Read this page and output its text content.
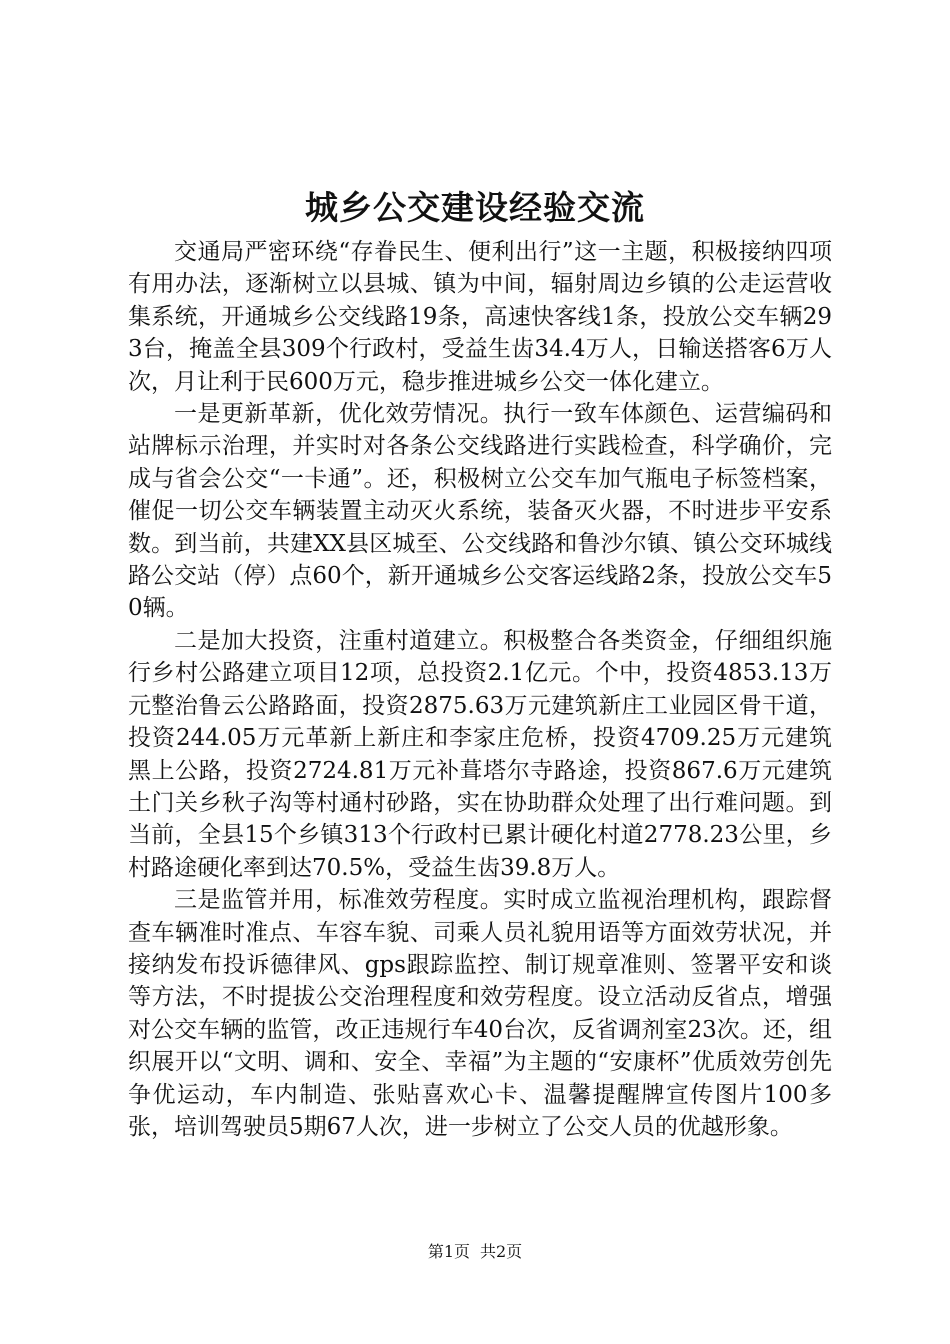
城乡公交建设经验交流

交通局严密环绕“存眷民生、便利出行”这一主题，积极接纳四项有用办法，逐渐树立以县城、镇为中间，辐射周边乡镇的公走运营收集系统，开通城乡公交线路19条，高速快客线1条，投放公交车辆293台，掩盖全县309个行政村，受益生齿34.4万人，日输送搭客6万人次，月让利于民600万元，稳步推进城乡公交一体化建立。

一是更新革新，优化效劳情况。执行一致车体颜色、运营编码和站牌标示治理，并实时对各条公交线路进行实践检查，科学确价，完成与省会公交“一卡通”。还，积极树立公交车加气瓶电子标签档案，催促一切公交车辆装置主动灭火系统，装备灭火器，不时进步平安系数。到当前，共建XX县区城至、公交线路和鲁沙尔镇、镇公交环城线路公交站（停）点60个，新开通城乡公交客运线路2条，投放公交车50辆。

二是加大投资，注重村道建立。积极整合各类资金，仔细组织施行乡村公路建立项目12项，总投资2.1亿元。个中，投资4853.13万元整治鲁云公路路面，投资2875.63万元建筑新庄工业园区骨干道，投资244.05万元革新上新庄和李家庄危桥，投资4709.25万元建筑黑上公路，投资2724.81万元补葺塔尔寺路途，投资867.6万元建筑土门关乡秋子沟等村通村砂路，实在协助群众处理了出行难问题。到当前，全县15个乡镇313个行政村已累计硬化村道2778.23公里，乡村路途硬化率到达70.5%，受益生齿39.8万人。

三是监管并用，标准效劳程度。实时成立监视治理机构，跟踪督查车辆准时准点、车容车貌、司乘人员礼貌用语等方面效劳状况，并接纳发布投诉德律风、gps跟踪监控、制订规章准则、签署平安和谈等方法，不时提拔公交治理程度和效劳程度。设立活动反省点，增强对公交车辆的监管，改正违规行车40台次，反省调剂室23次。还，组织展开以“文明、调和、安全、幸福”为主题的“安康杯”优质效劳创先争优运动，车内制造、张贴喜欢心卡、温馨提醒牌宣传图片100多张，培训驾驶员5期67人次，进一步树立了公交人员的优越形象。

第1页 共2页
